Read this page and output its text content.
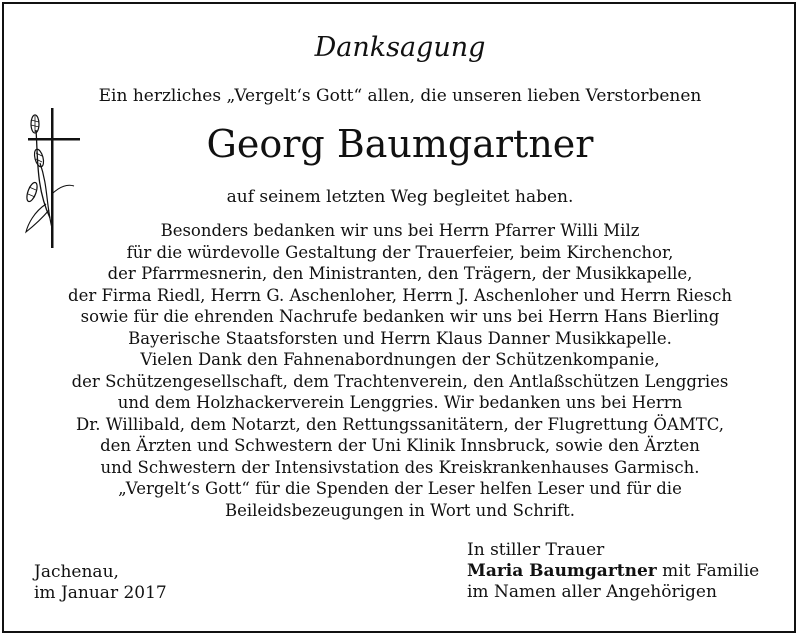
Danksagung
Ein herzliches „Vergelt‘s Gott“ allen, die unseren lieben Verstorbenen
Georg Baumgartner
auf seinem letzten Weg begleitet haben.
Besonders bedanken wir uns bei Herrn Pfarrer Willi Milz
für die würdevolle Gestaltung der Trauerfeier, beim Kirchenchor,
der Pfarrmesnerin, den Ministranten, den Trägern, der Musikkapelle,
der Firma Riedl, Herrn G. Aschenloher, Herrn J. Aschenloher und Herrn Riesch
sowie für die ehrenden Nachrufe bedanken wir uns bei Herrn Hans Bierling
Bayerische Staatsforsten und Herrn Klaus Danner Musikkapelle.
Vielen Dank den Fahnenabordnungen der Schützenkompanie,
der Schützengesellschaft, dem Trachtenverein, den Antlaßschützen Lenggries
und dem Holzhackerverein Lenggries. Wir bedanken uns bei Herrn
Dr. Willibald, dem Notarzt, den Rettungssanitätern, der Flugrettung ÖAMTC,
den Ärzten und Schwestern der Uni Klinik Innsbruck, sowie den Ärzten
und Schwestern der Intensivstation des Kreiskrankenhauses Garmisch.
„Vergelt‘s Gott“ für die Spenden der Leser helfen Leser und für die
Beileidsbezeugungen in Wort und Schrift.
Jachenau,
im Januar 2017
In stiller Trauer
Maria Baumgartner mit Familie
im Namen aller Angehörigen
